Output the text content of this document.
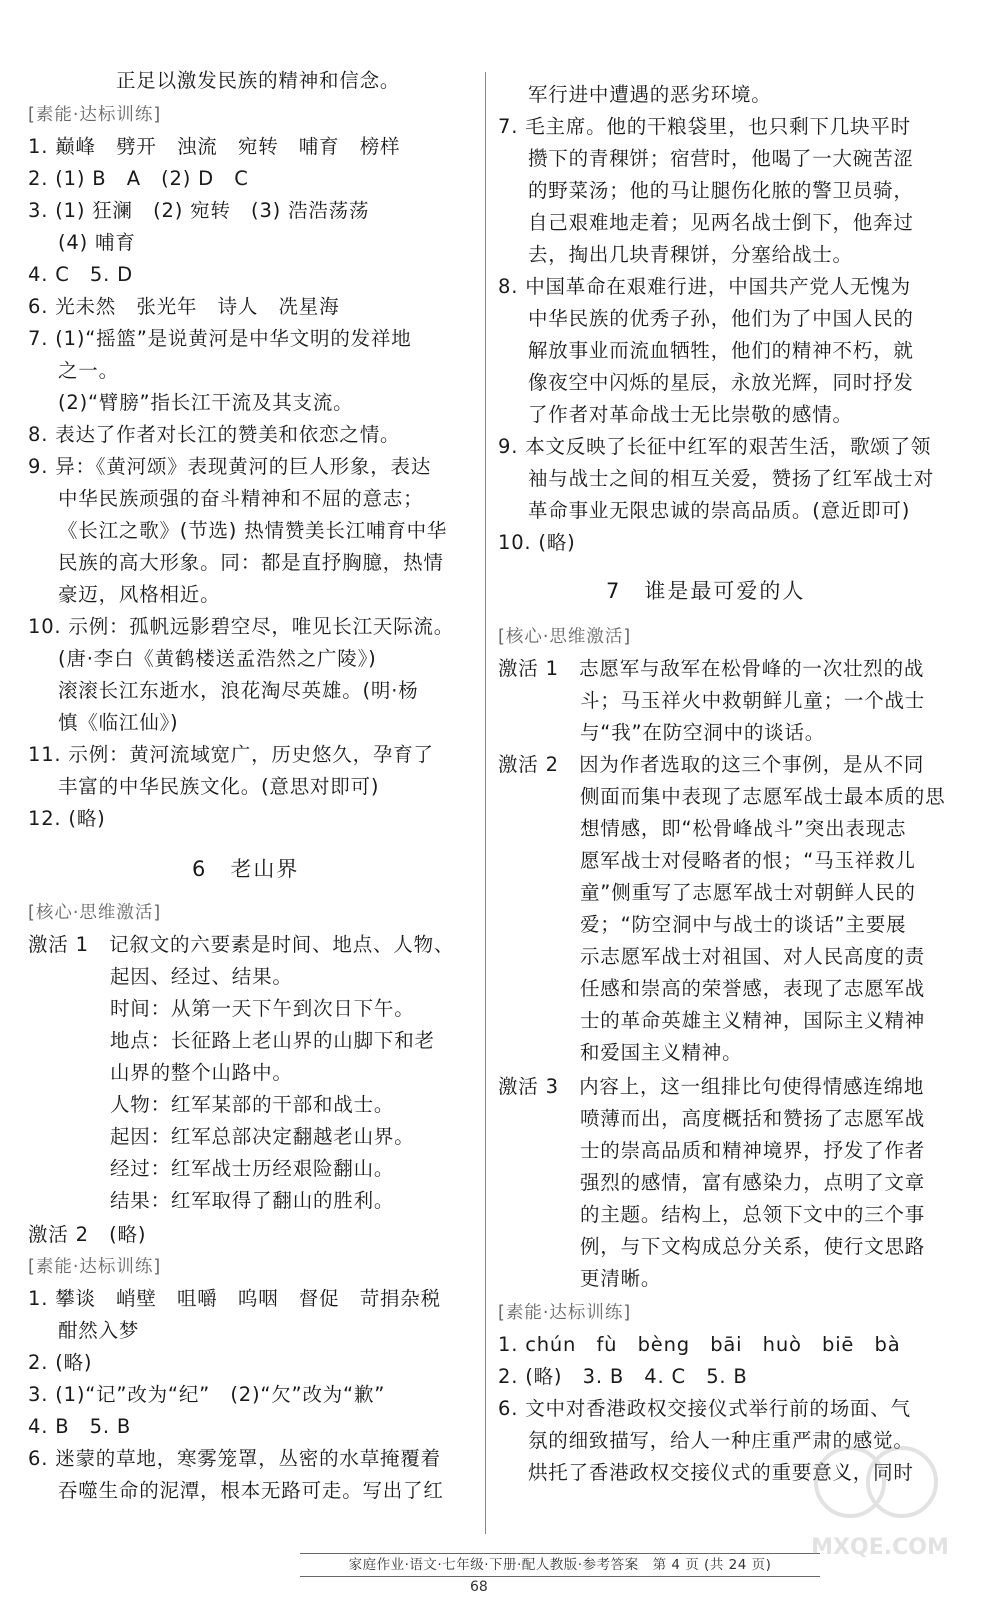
正足以激发民族的精神和信念。
[素能·达标训练]
1. 巅峰　劈开　浊流　宛转　哺育　榜样
2. (1) B　A　(2) D　C
3. (1) 狂澜　(2) 宛转　(3) 浩浩荡荡
(4) 哺育
4. C　5. D
6. 光未然　张光年　诗人　冼星海
7. (1)“摇篮”是说黄河是中华文明的发祥地
之一。
(2)“臂膀”指长江干流及其支流。
8. 表达了作者对长江的赞美和依恋之情。
9. 异：《黄河颂》表现黄河的巨人形象，表达
中华民族顽强的奋斗精神和不屈的意志；
《长江之歌》(节选) 热情赞美长江哺育中华
民族的高大形象。同：都是直抒胸臆，热情
豪迈，风格相近。
10. 示例：孤帆远影碧空尽，唯见长江天际流。
(唐·李白《黄鹤楼送孟浩然之广陵》)
滚滚长江东逝水，浪花淘尽英雄。(明·杨
慎《临江仙》)
11. 示例：黄河流域宽广，历史悠久，孕育了
丰富的中华民族文化。(意思对即可)
12. (略)
6　老山界
[核心·思维激活]
激活 1　记叙文的六要素是时间、地点、人物、
起因、经过、结果。
时间：从第一天下午到次日下午。
地点：长征路上老山界的山脚下和老
山界的整个山路中。
人物：红军某部的干部和战士。
起因：红军总部决定翻越老山界。
经过：红军战士历经艰险翻山。
结果：红军取得了翻山的胜利。
激活 2　(略)
[素能·达标训练]
1. 攀谈　峭壁　咀嚼　呜咽　督促　苛捐杂税
酣然入梦
2. (略)
3. (1)“记”改为“纪”　(2)“欠”改为“歉”
4. B　5. B
6. 迷蒙的草地，寒雾笼罩，丛密的水草掩覆着
吞噬生命的泥潭，根本无路可走。写出了红
军行进中遭遇的恶劣环境。
7. 毛主席。他的干粮袋里，也只剩下几块平时
攒下的青稞饼；宿营时，他喝了一大碗苦涩
的野菜汤；他的马让腿伤化脓的警卫员骑，
自己艰难地走着；见两名战士倒下，他奔过
去，掏出几块青稞饼，分塞给战士。
8. 中国革命在艰难行进，中国共产党人无愧为
中华民族的优秀子孙，他们为了中国人民的
解放事业而流血牺牲，他们的精神不朽，就
像夜空中闪烁的星辰，永放光辉，同时抒发
了作者对革命战士无比崇敬的感情。
9. 本文反映了长征中红军的艰苦生活，歌颂了领
袖与战士之间的相互关爱，赞扬了红军战士对
革命事业无限忠诚的崇高品质。(意近即可)
10. (略)
7　谁是最可爱的人
[核心·思维激活]
激活 1　志愿军与敌军在松骨峰的一次壮烈的战
斗；马玉祥火中救朝鲜儿童；一个战士
与“我”在防空洞中的谈话。
激活 2　因为作者选取的这三个事例，是从不同
侧面而集中表现了志愿军战士最本质的思
想情感，即“松骨峰战斗”突出表现志
愿军战士对侵略者的恨；“马玉祥救儿
童”侧重写了志愿军战士对朝鲜人民的
爱；“防空洞中与战士的谈话”主要展
示志愿军战士对祖国、对人民高度的责
任感和崇高的荣誉感，表现了志愿军战
士的革命英雄主义精神，国际主义精神
和爱国主义精神。
激活 3　内容上，这一组排比句使得情感连绵地
喷薄而出，高度概括和赞扬了志愿军战
士的崇高品质和精神境界，抒发了作者
强烈的感情，富有感染力，点明了文章
的主题。结构上，总领下文中的三个事
例，与下文构成总分关系，使行文思路
更清晰。
[素能·达标训练]
1. chún　fù　bèng　bāi　huò　biē　bà
2. (略)　3. B　4. C　5. B
6. 文中对香港政权交接仪式举行前的场面、气
氛的细致描写，给人一种庄重严肃的感觉。
烘托了香港政权交接仪式的重要意义，同时
家庭作业·语文·七年级·下册·配人教版·参考答案　第 4 页 (共 24 页)
68
MXQE.COM
